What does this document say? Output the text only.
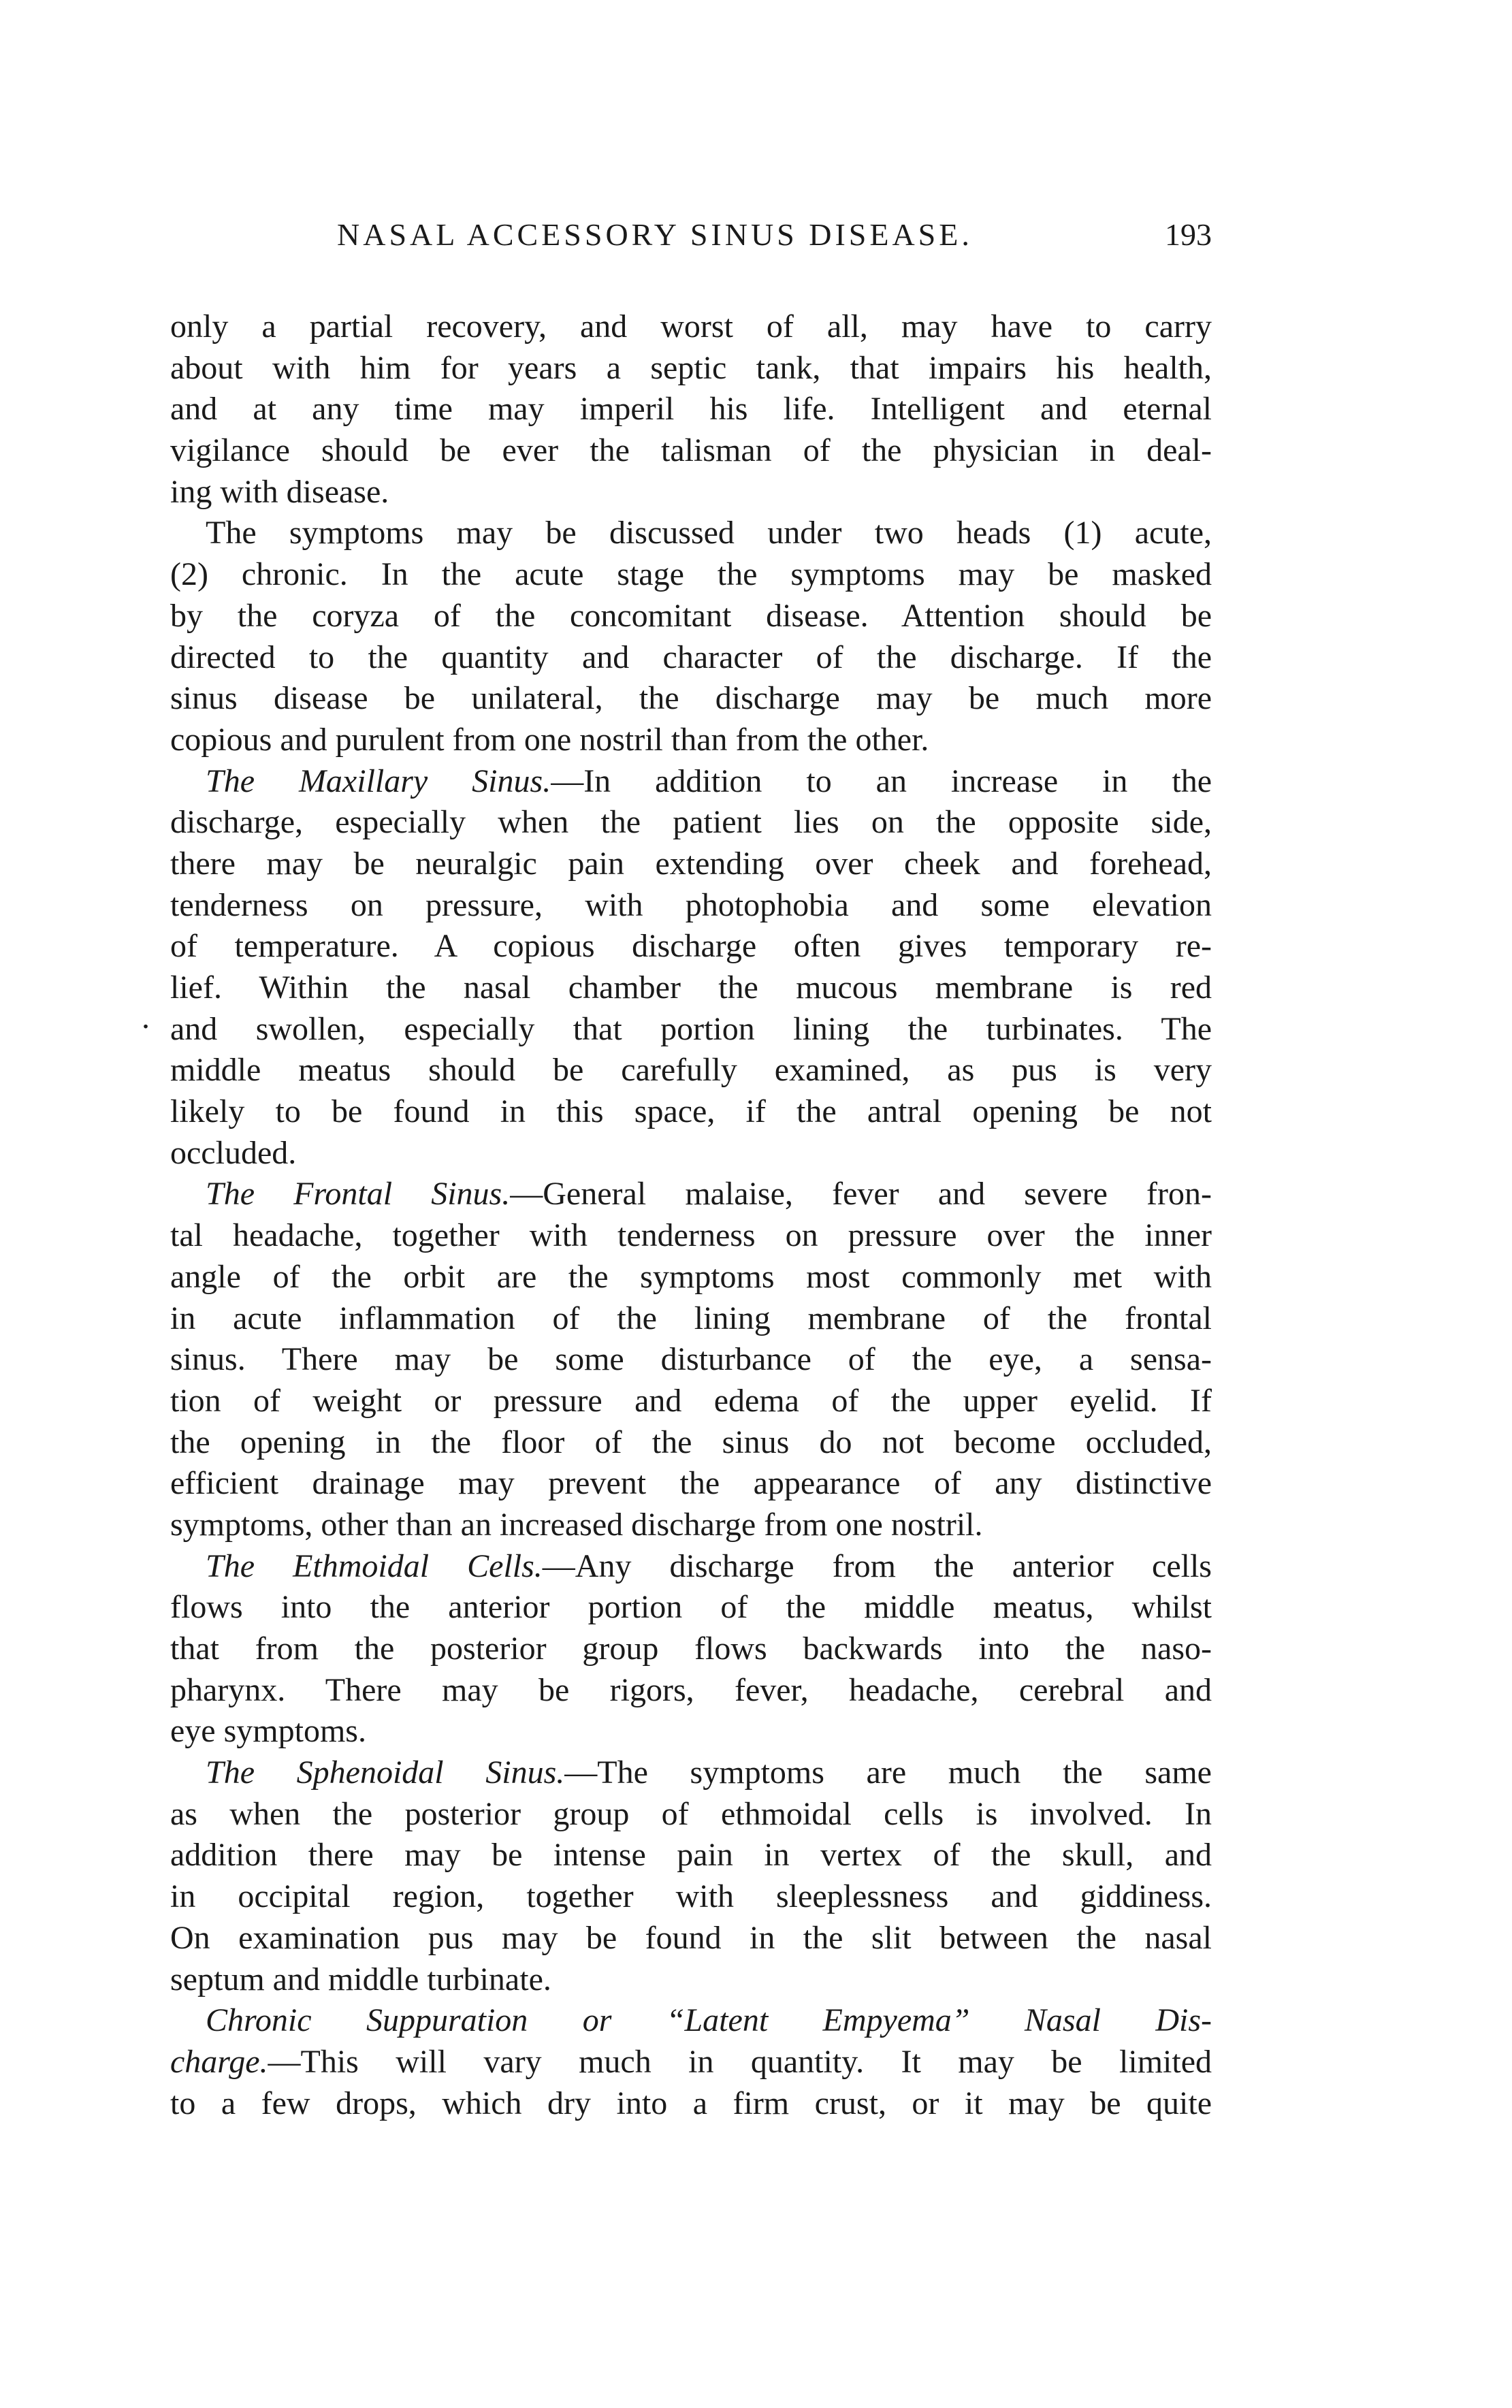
NASAL ACCESSORY SINUS DISEASE.	193
.
only a partial recovery, and worst of all, may have to carry
about with him for years a septic tank, that impairs his health,
and at any time may imperil his life. Intelligent and eternal
vigilance should be ever the talisman of the physician in deal-
ing with disease.
The symptoms may be discussed under two heads (1) acute,
(2) chronic. In the acute stage the symptoms may be masked
by the coryza of the concomitant disease. Attention should be
directed to the quantity and character of the discharge. If the
sinus disease be unilateral, the discharge may be much more
copious and purulent from one nostril than from the other.
The Maxillary Sinus.—In addition to an increase in the
discharge, especially when the patient lies on the opposite side,
there may be neuralgic pain extending over cheek and forehead,
tenderness on pressure, with photophobia and some elevation
of temperature. A copious discharge often gives temporary re-
lief. Within the nasal chamber the mucous membrane is red
and swollen, especially that portion lining the turbinates. The
middle meatus should be carefully examined, as pus is very
likely to be found in this space, if the antral opening be not
occluded.
The Frontal Sinus.—General malaise, fever and severe fron-
tal headache, together with tenderness on pressure over the inner
angle of the orbit are the symptoms most commonly met with
in acute inflammation of the lining membrane of the frontal
sinus. There may be some disturbance of the eye, a sensa-
tion of weight or pressure and edema of the upper eyelid. If
the opening in the floor of the sinus do not become occluded,
efficient drainage may prevent the appearance of any distinctive
symptoms, other than an increased discharge from one nostril.
The Ethmoidal Cells.—Any discharge from the anterior cells
flows into the anterior portion of the middle meatus, whilst
that from the posterior group flows backwards into the naso-
pharynx. There may be rigors, fever, headache, cerebral and
eye symptoms.
The Sphenoidal Sinus.—The symptoms are much the same
as when the posterior group of ethmoidal cells is involved. In
addition there may be intense pain in vertex of the skull, and
in occipital region, together with sleeplessness and giddiness.
On examination pus may be found in the slit between the nasal
septum and middle turbinate.
Chronic Suppuration or “Latent Empyema” Nasal Dis-
charge.—This will vary much in quantity. It may be limited
to a few drops, which dry into a firm crust, or it may be quite
